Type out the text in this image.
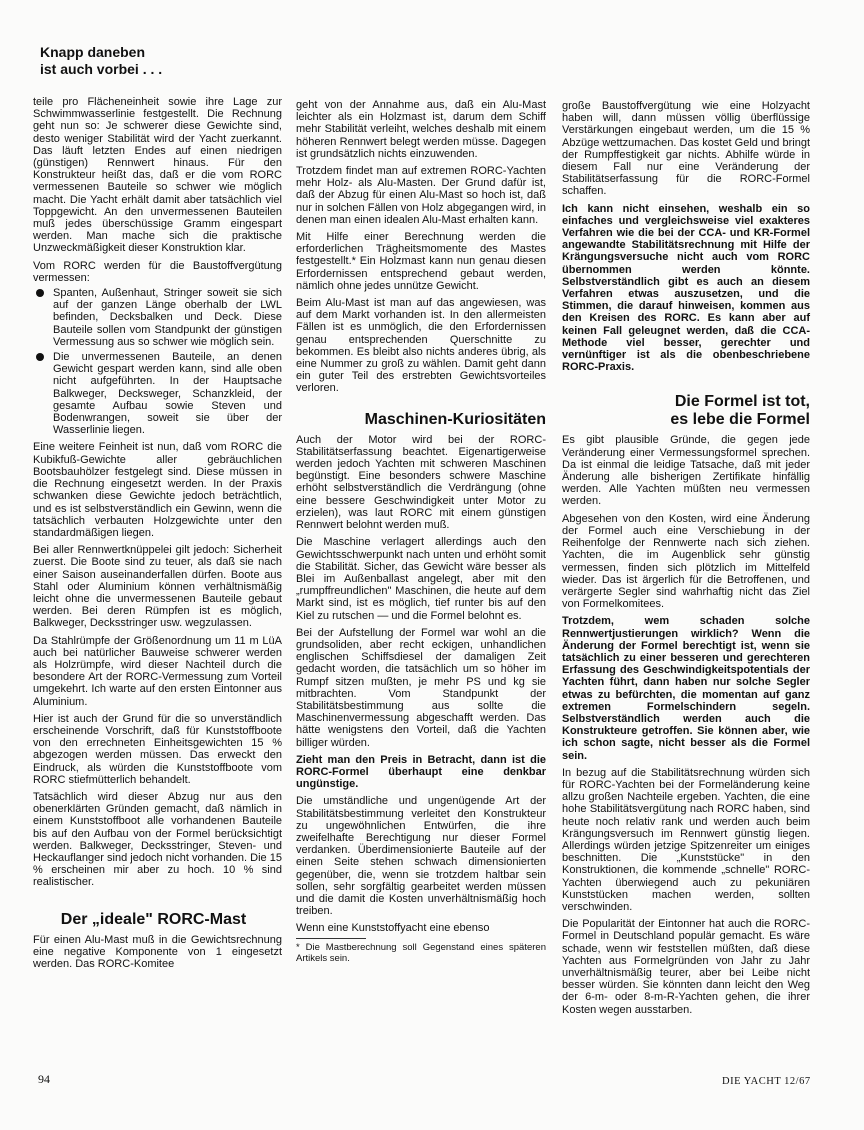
Knapp daneben
ist auch vorbei . . .

teile pro Flächeneinheit sowie ihre Lage zur Schwimmwasserlinie festgestellt. Die Rechnung geht nun so: Je schwerer diese Gewichte sind, desto weniger Stabilität wird der Yacht zuerkannt. Das läuft letzten Endes auf einen niedrigen (günstigen) Rennwert hinaus. Für den Konstrukteur heißt das, daß er die vom RORC vermessenen Bauteile so schwer wie möglich macht. Die Yacht erhält damit aber tatsächlich viel Toppgewicht. An den unvermessenen Bauteilen muß jedes überschüssige Gramm eingespart werden. Man mache sich die praktische Unzweckmäßigkeit dieser Konstruktion klar.

Vom RORC werden für die Baustoffvergütung vermessen:

Spanten, Außenhaut, Stringer soweit sie sich auf der ganzen Länge oberhalb der LWL befinden, Decksbalken und Deck. Diese Bauteile sollen vom Standpunkt der günstigen Vermessung aus so schwer wie möglich sein.
Die unvermessenen Bauteile, an denen Gewicht gespart werden kann, sind alle oben nicht aufgeführten. In der Hauptsache Balkweger, Decksweger, Schanzkleid, der gesamte Aufbau sowie Steven und Bodenwrangen, soweit sie über der Wasserlinie liegen.

Eine weitere Feinheit ist nun, daß vom RORC die Kubikfuß-Gewichte aller gebräuchlichen Bootsbauhölzer festgelegt sind. Diese müssen in die Rechnung eingesetzt werden. In der Praxis schwanken diese Gewichte jedoch beträchtlich, und es ist selbstverständlich ein Gewinn, wenn die tatsächlich verbauten Holzgewichte unter den standardmäßigen liegen.

Bei aller Rennwertknüppelei gilt jedoch: Sicherheit zuerst. Die Boote sind zu teuer, als daß sie nach einer Saison auseinanderfallen dürfen. Boote aus Stahl oder Aluminium können verhältnismäßig leicht ohne die unvermessenen Bauteile gebaut werden. Bei deren Rümpfen ist es möglich, Balkweger, Decksstringer usw. wegzulassen.

Da Stahlrümpfe der Größenordnung um 11 m LüA auch bei natürlicher Bauweise schwerer werden als Holzrümpfe, wird dieser Nachteil durch die besondere Art der RORC-Vermessung zum Vorteil umgekehrt. Ich warte auf den ersten Eintonner aus Aluminium.

Hier ist auch der Grund für die so unverständlich erscheinende Vorschrift, daß für Kunststoffboote von den errechneten Einheitsgewichten 15 % abgezogen werden müssen. Das erweckt den Eindruck, als würden die Kunststoffboote vom RORC stiefmütterlich behandelt.

Tatsächlich wird dieser Abzug nur aus den obenerklärten Gründen gemacht, daß nämlich in einem Kunststoffboot alle vorhandenen Bauteile bis auf den Aufbau von der Formel berücksichtigt werden. Balkweger, Decksstringer, Steven- und Heckauflanger sind jedoch nicht vorhanden. Die 15 % erscheinen mir aber zu hoch. 10 % sind realistischer.

Der „ideale" RORC-Mast

Für einen Alu-Mast muß in die Gewichtsrechnung eine negative Komponente von 1 eingesetzt werden. Das RORC-Komitee

geht von der Annahme aus, daß ein Alu-Mast leichter als ein Holzmast ist, darum dem Schiff mehr Stabilität verleiht, welches deshalb mit einem höheren Rennwert belegt werden müsse. Dagegen ist grundsätzlich nichts einzuwenden.

Trotzdem findet man auf extremen RORC-Yachten mehr Holz- als Alu-Masten. Der Grund dafür ist, daß der Abzug für einen Alu-Mast so hoch ist, daß nur in solchen Fällen von Holz abgegangen wird, in denen man einen idealen Alu-Mast erhalten kann.

Mit Hilfe einer Berechnung werden die erforderlichen Trägheitsmomente des Mastes festgestellt.* Ein Holzmast kann nun genau diesen Erfordernissen entsprechend gebaut werden, nämlich ohne jedes unnütze Gewicht.

Beim Alu-Mast ist man auf das angewiesen, was auf dem Markt vorhanden ist. In den allermeisten Fällen ist es unmöglich, die den Erfordernissen genau entsprechenden Querschnitte zu bekommen. Es bleibt also nichts anderes übrig, als eine Nummer zu groß zu wählen. Damit geht dann ein guter Teil des erstrebten Gewichtsvorteiles verloren.

Maschinen-Kuriositäten

Auch der Motor wird bei der RORC-Stabilitätserfassung beachtet. Eigenartigerweise werden jedoch Yachten mit schweren Maschinen begünstigt. Eine besonders schwere Maschine erhöht selbstverständlich die Verdrängung (ohne eine bessere Geschwindigkeit unter Motor zu erzielen), was laut RORC mit einem günstigen Rennwert belohnt werden muß.

Die Maschine verlagert allerdings auch den Gewichtsschwerpunkt nach unten und erhöht somit die Stabilität. Sicher, das Gewicht wäre besser als Blei im Außenballast angelegt, aber mit den „rumpffreundlichen" Maschinen, die heute auf dem Markt sind, ist es möglich, tief runter bis auf den Kiel zu rutschen — und die Formel belohnt es.

Bei der Aufstellung der Formel war wohl an die grundsoliden, aber recht eckigen, unhandlichen englischen Schiffsdiesel der damaligen Zeit gedacht worden, die tatsächlich um so höher im Rumpf sitzen mußten, je mehr PS und kg sie mitbrachten. Vom Standpunkt der Stabilitätsbestimmung aus sollte die Maschinenvermessung abgeschafft werden. Das hätte wenigstens den Vorteil, daß die Yachten billiger würden.

Zieht man den Preis in Betracht, dann ist die RORC-Formel überhaupt eine denkbar ungünstige.

Die umständliche und ungenügende Art der Stabilitätsbestimmung verleitet den Konstrukteur zu ungewöhnlichen Entwürfen, die ihre zweifelhafte Berechtigung nur dieser Formel verdanken. Überdimensionierte Bauteile auf der einen Seite stehen schwach dimensionierten gegenüber, die, wenn sie trotzdem haltbar sein sollen, sehr sorgfältig gearbeitet werden müssen und die damit die Kosten unverhältnismäßig hoch treiben.

Wenn eine Kunststoffyacht eine ebenso

* Die Mastberechnung soll Gegenstand eines späteren Artikels sein.

große Baustoffvergütung wie eine Holzyacht haben will, dann müssen völlig überflüssige Verstärkungen eingebaut werden, um die 15 % Abzüge wettzumachen. Das kostet Geld und bringt der Rumpffestigkeit gar nichts. Abhilfe würde in diesem Fall nur eine Veränderung der Stabilitätserfassung für die RORC-Formel schaffen.

Ich kann nicht einsehen, weshalb ein so einfaches und vergleichsweise viel exakteres Verfahren wie die bei der CCA- und KR-Formel angewandte Stabilitätsrechnung mit Hilfe der Krängungsversuche nicht auch vom RORC übernommen werden könnte. Selbstverständlich gibt es auch an diesem Verfahren etwas auszusetzen, und die Stimmen, die darauf hinweisen, kommen aus den Kreisen des RORC. Es kann aber auf keinen Fall geleugnet werden, daß die CCA-Methode viel besser, gerechter und vernünftiger ist als die obenbeschriebene RORC-Praxis.

Die Formel ist tot,
es lebe die Formel

Es gibt plausible Gründe, die gegen jede Veränderung einer Vermessungsformel sprechen. Da ist einmal die leidige Tatsache, daß mit jeder Änderung alle bisherigen Zertifikate hinfällig werden. Alle Yachten müßten neu vermessen werden.

Abgesehen von den Kosten, wird eine Änderung der Formel auch eine Verschiebung in der Reihenfolge der Rennwerte nach sich ziehen. Yachten, die im Augenblick sehr günstig vermessen, finden sich plötzlich im Mittelfeld wieder. Das ist ärgerlich für die Betroffenen, und verärgerte Segler sind wahrhaftig nicht das Ziel von Formelkomitees.

Trotzdem, wem schaden solche Rennwertjustierungen wirklich? Wenn die Änderung der Formel berechtigt ist, wenn sie tatsächlich zu einer besseren und gerechteren Erfassung des Geschwindigkeitspotentials der Yachten führt, dann haben nur solche Segler etwas zu befürchten, die momentan auf ganz extremen Formelschindern segeln. Selbstverständlich werden auch die Konstrukteure getroffen. Sie können aber, wie ich schon sagte, nicht besser als die Formel sein.

In bezug auf die Stabilitätsrechnung würden sich für RORC-Yachten bei der Formeländerung keine allzu großen Nachteile ergeben. Yachten, die eine hohe Stabilitätsvergütung nach RORC haben, sind heute noch relativ rank und werden auch beim Krängungsversuch im Rennwert günstig liegen. Allerdings würden jetzige Spitzenreiter um einiges beschnitten. Die „Kunststücke" in den Konstruktionen, die kommende „schnelle" RORC-Yachten überwiegend auch zu pekuniären Kunststücken machen werden, sollten verschwinden.

Die Popularität der Eintonner hat auch die RORC-Formel in Deutschland populär gemacht. Es wäre schade, wenn wir feststellen müßten, daß diese Yachten aus Formelgründen von Jahr zu Jahr unverhältnismäßig teurer, aber bei Leibe nicht besser würden. Sie könnten dann leicht den Weg der 6-m- oder 8-m-R-Yachten gehen, die ihrer Kosten wegen ausstarben.

94	DIE YACHT 12/67
